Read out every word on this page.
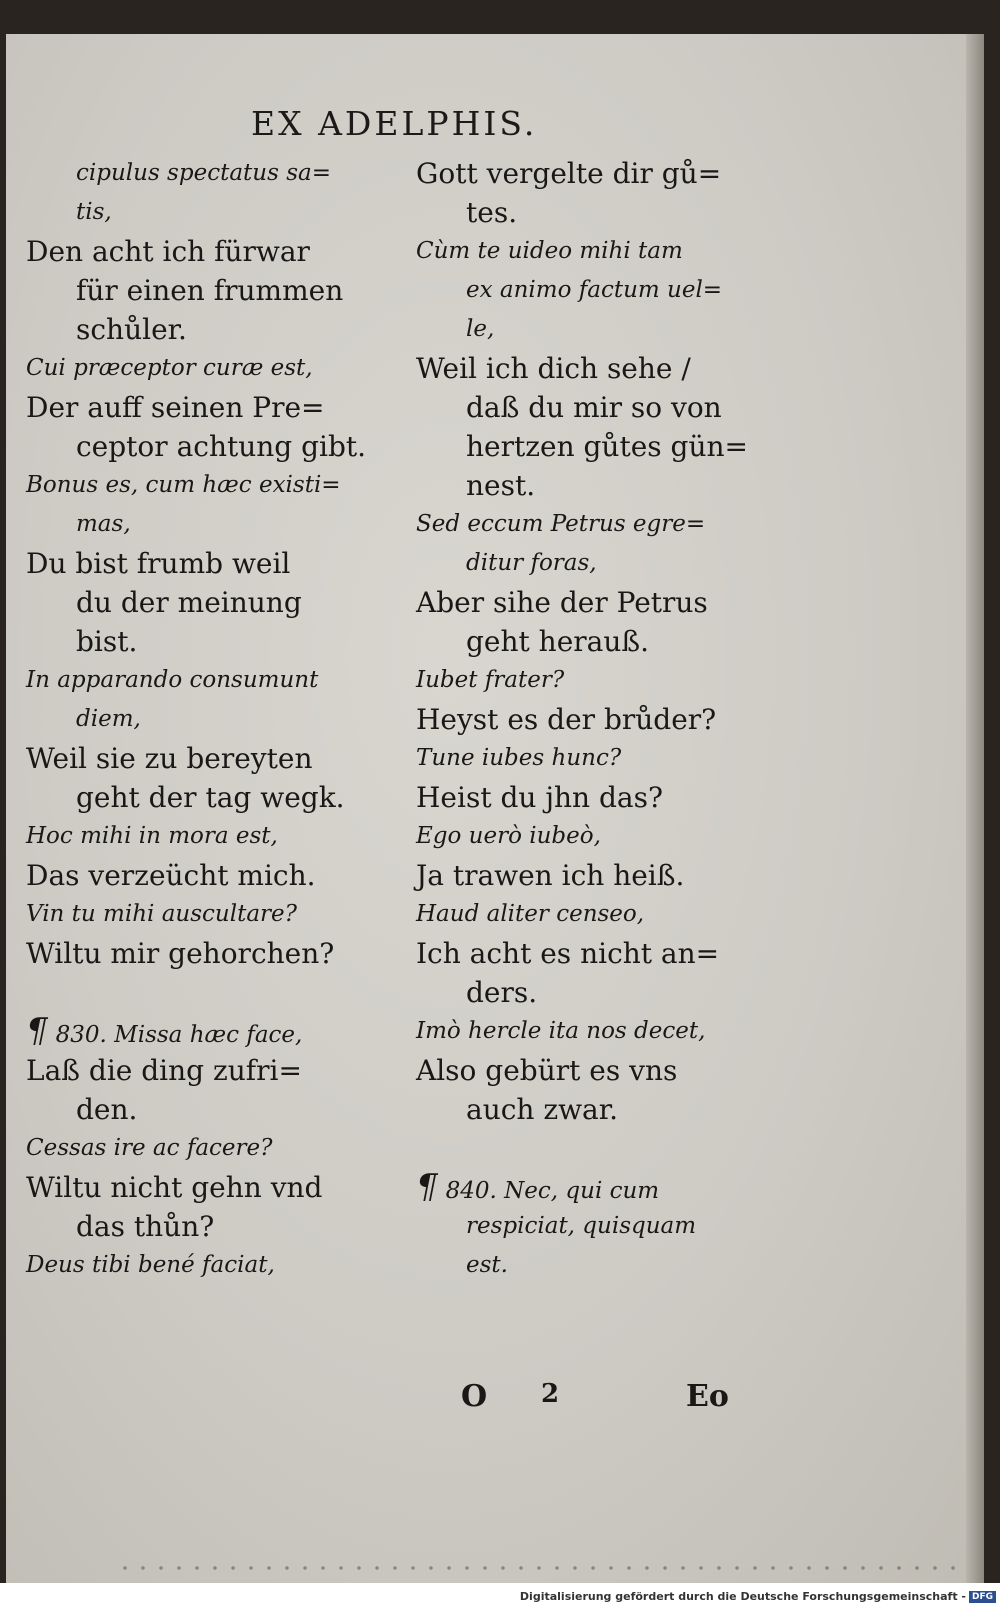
EX ADELPHIS.
cipulus spectatus sa=
tis,
Den acht ich fürwar
für einen frummen
schůler.
Cui præceptor curæ est,
Der auff seinen Pre=
ceptor achtung gibt.
Bonus es, cum hæc existi=
mas,
Du bist frumb weil
du der meinung
bist.
In apparando consumunt
diem,
Weil sie zu bereyten
geht der tag wegk.
Hoc mihi in mora est,
Das verzeücht mich.
Vin tu mihi auscultare?
Wiltu mir gehorchen?
¶ 830. Missa hæc face,
Laß die ding zufri=
den.
Cessas ire ac facere?
Wiltu nicht gehn vnd
das thůn?
Deus tibi bené faciat,
Gott vergelte dir gů=
tes.
Cùm te uideo mihi tam
ex animo factum uel=
le,
Weil ich dich sehe /
daß du mir so von
hertzen gůtes gün=
nest.
Sed eccum Petrus egre=
ditur foras,
Aber sihe der Petrus
geht herauß.
Iubet frater?
Heyst es der brůder?
Tune iubes hunc?
Heist du jhn das?
Ego uerò iubeò,
Ja trawen ich heiß.
Haud aliter censeo,
Ich acht es nicht an=
ders.
Imò hercle ita nos decet,
Also gebürt es vns
auch zwar.
¶ 840. Nec, qui cum
respiciat, quisquam
est.
O 2	Eo
Digitalisierung gefördert durch die Deutsche Forschungsgemeinschaft - DFG
